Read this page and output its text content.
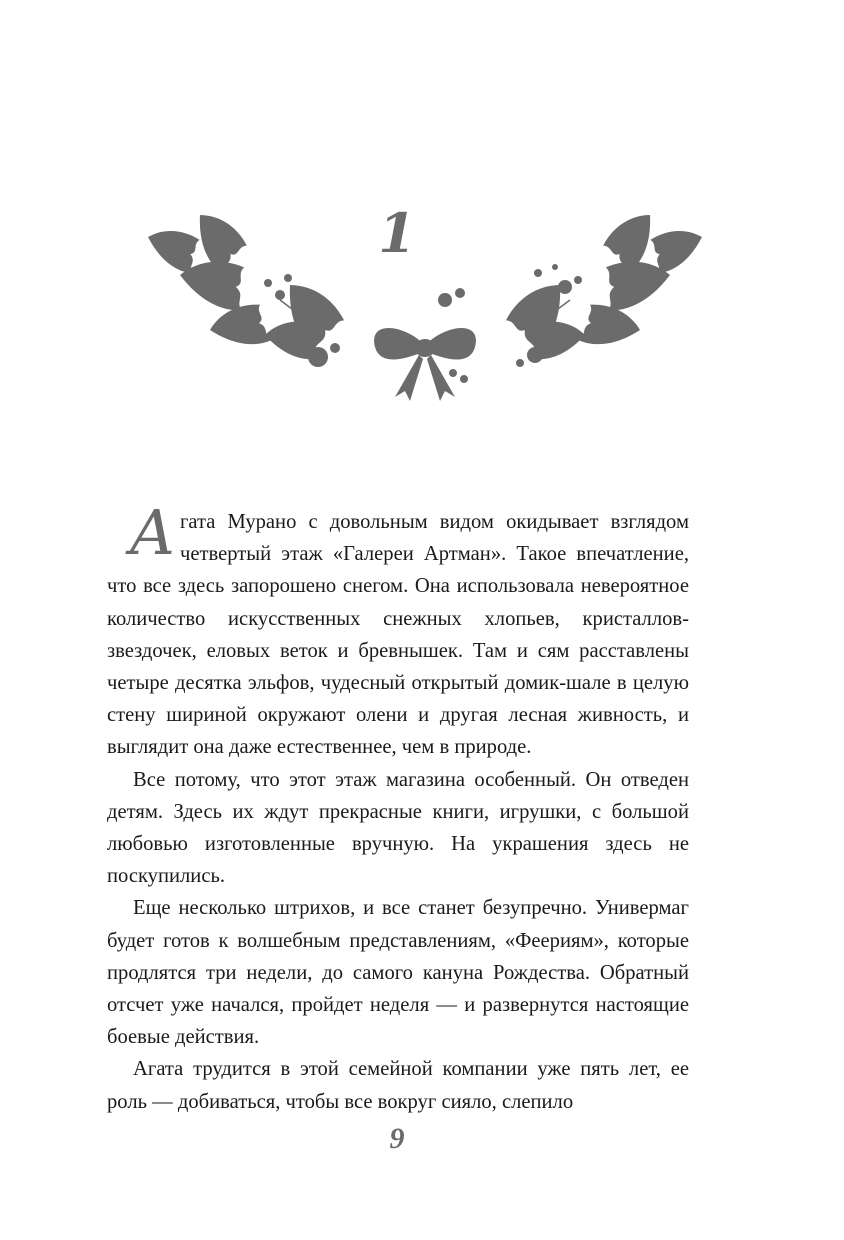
1

Агата Мурано с довольным видом окидывает взглядом четвертый этаж «Галереи Артман». Такое впечатление, что все здесь запорошено снегом. Она использовала невероятное количество искусственных снежных хлопьев, кристаллов-звездочек, еловых веток и бревнышек. Там и сям расставлены четыре десятка эльфов, чудесный открытый домик-шале в целую стену шириной окружают олени и другая лесная живность, и выглядит она даже естественнее, чем в природе.

Все потому, что этот этаж магазина особенный. Он отведен детям. Здесь их ждут прекрасные книги, игрушки, с большой любовью изготовленные вручную. На украшения здесь не поскупились.

Еще несколько штрихов, и все станет безупречно. Универмаг будет готов к волшебным представлениям, «Феериям», которые продлятся три недели, до самого кануна Рождества. Обратный отсчет уже начался, пройдет неделя — и развернутся настоящие боевые действия.

Агата трудится в этой семейной компании уже пять лет, ее роль — добиваться, чтобы все вокруг сияло, слепило

9
